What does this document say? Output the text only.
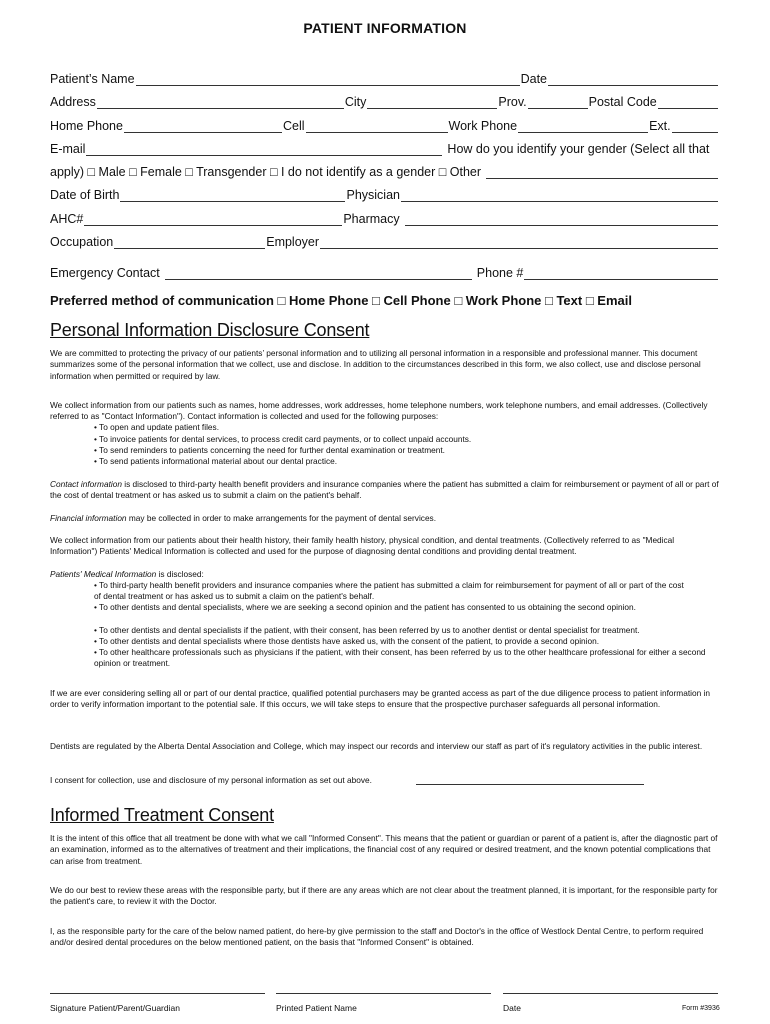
PATIENT INFORMATION
Patient’s Name	Date
Address	City	Prov.	Postal Code
Home Phone	Cell	Work Phone	Ext.
E-mail	How do you identify your gender (Select all that
apply) □ Male □ Female □ Transgender □ I do not identify as a gender □ Other
Date of Birth	Physician
AHC#	Pharmacy
Occupation	Employer
Emergency Contact	Phone #
Preferred method of communication □ Home Phone □ Cell Phone □ Work Phone □ Text □ Email
Personal Information Disclosure Consent

We are committed to protecting the privacy of our patients’ personal information and to utilizing all personal information in a responsible and professional manner. This document summarizes some of the personal information that we collect, use and disclose. In addition to the circumstances described in this form, we also collect, use and disclose personal information when permitted or required by law.

We collect information from our patients such as names, home addresses, work addresses, home telephone numbers, work telephone numbers, and email addresses. (Collectively referred to as "Contact Information"). Contact information is collected and used for the following purposes:

• To open and update patient files.

• To invoice patients for dental services, to process credit card payments, or to collect unpaid accounts.

• To send reminders to patients concerning the need for further dental examination or treatment.

• To send patients informational material about our dental practice.

Contact information is disclosed to third-party health benefit providers and insurance companies where the patient has submitted a claim for reimbursement or payment of all or part of the cost of dental treatment or has asked us to submit a claim on the patient's behalf.

Financial information may be collected in order to make arrangements for the payment of dental services.

We collect information from our patients about their health history, their family health history, physical condition, and dental treatments. (Collectively referred to as "Medical Information") Patients' Medical Information is collected and used for the purpose of diagnosing dental conditions and providing dental treatment.

Patients' Medical Information is disclosed:

• To third-party health benefit providers and insurance companies where the patient has submitted a claim for reimbursement for payment of all or part of the cost of dental treatment or has asked us to submit a claim on the patient's behalf.

• To other dentists and dental specialists, where we are seeking a second opinion and the patient has consented to us obtaining the second opinion.

• To other dentists and dental specialists if the patient, with their consent, has been referred by us to another dentist or dental specialist for treatment.

• To other dentists and dental specialists where those dentists have asked us, with the consent of the patient, to provide a second opinion.

• To other healthcare professionals such as physicians if the patient, with their consent, has been referred by us to the other healthcare professional for either a second opinion or treatment.

If we are ever considering selling all or part of our dental practice, qualified potential purchasers may be granted access as part of the due diligence process to patient information in order to verify information important to the potential sale. If this occurs, we will take steps to ensure that the prospective purchaser safeguards all personal information.

Dentists are regulated by the Alberta Dental Association and College, which may inspect our records and interview our staff as part of it's regulatory activities in the public interest.

I consent for collection, use and disclosure of my personal information as set out above.

Informed Treatment Consent

It is the intent of this office that all treatment be done with what we call "Informed Consent". This means that the patient or guardian or parent of a patient is, after the diagnostic part of an examination, informed as to the alternatives of treatment and their implications, the financial cost of any required or desired treatment, and the known potential complications that can arise from treatment.

We do our best to review these areas with the responsible party, but if there are any areas which are not clear about the treatment planned, it is important, for the responsible party for the patient's care, to review it with the Doctor.

I, as the responsible party for the care of the below named patient, do here-by give permission to the staff and Doctor's in the office of Westlock Dental Centre, to perform required and/or desired dental procedures on the below mentioned patient, on the basis that "Informed Consent" is obtained.

Signature Patient/Parent/Guardian	Printed Patient Name	Date	Form #3936
